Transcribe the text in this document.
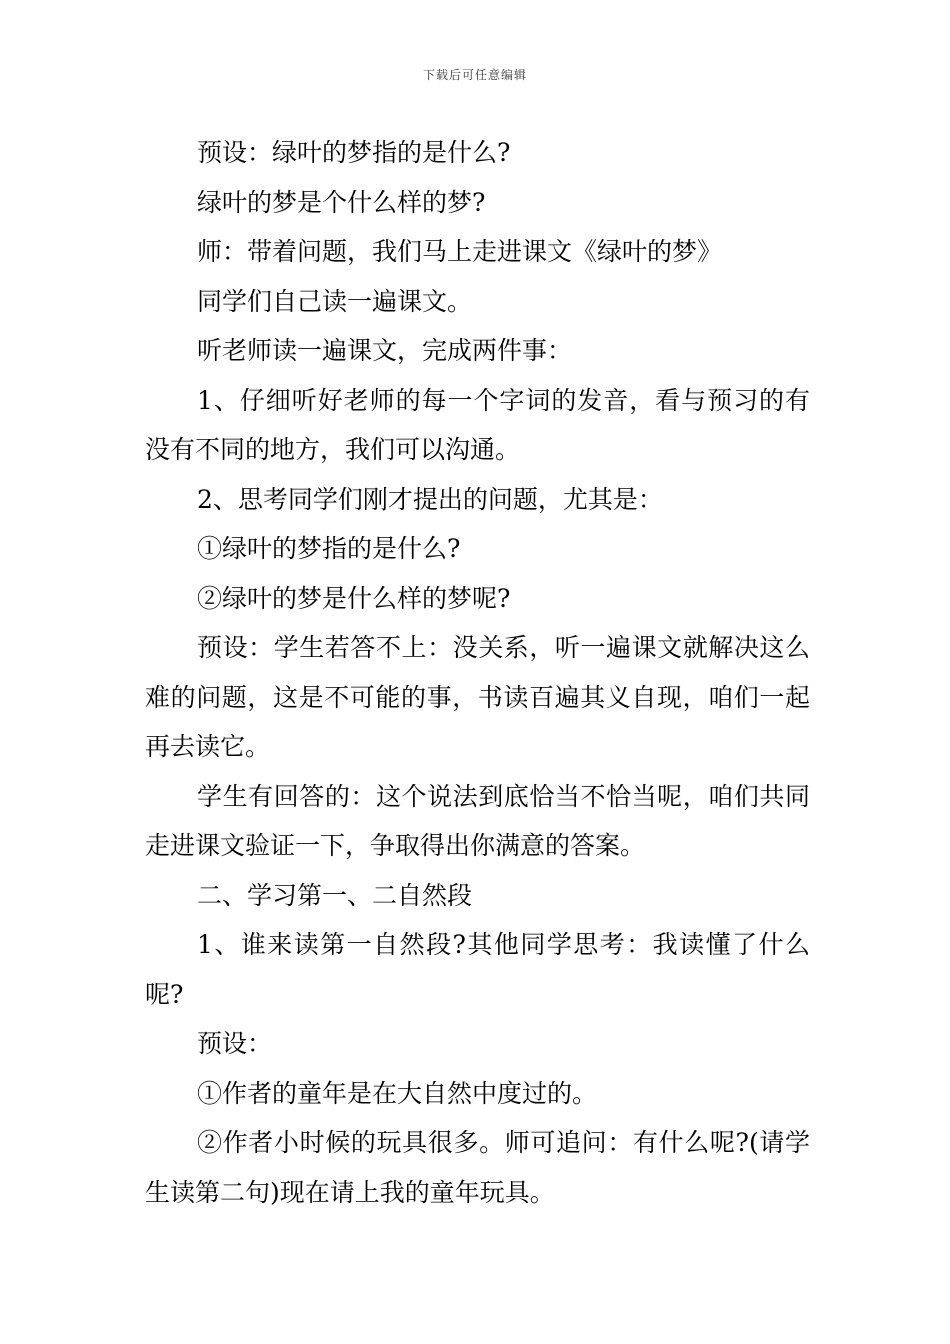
下载后可任意编辑

预设：绿叶的梦指的是什么?

绿叶的梦是个什么样的梦?

师：带着问题，我们马上走进课文《绿叶的梦》

同学们自己读一遍课文。

听老师读一遍课文，完成两件事：

1、仔细听好老师的每一个字词的发音，看与预习的有没有不同的地方，我们可以沟通。

2、思考同学们刚才提出的问题，尤其是：

①绿叶的梦指的是什么?

②绿叶的梦是什么样的梦呢?

预设：学生若答不上：没关系，听一遍课文就解决这么难的问题，这是不可能的事，书读百遍其义自现，咱们一起再去读它。

学生有回答的：这个说法到底恰当不恰当呢，咱们共同走进课文验证一下，争取得出你满意的答案。

二、学习第一、二自然段

1、谁来读第一自然段?其他同学思考：我读懂了什么呢?

预设：

①作者的童年是在大自然中度过的。

②作者小时候的玩具很多。师可追问：有什么呢?(请学生读第二句)现在请上我的童年玩具。
